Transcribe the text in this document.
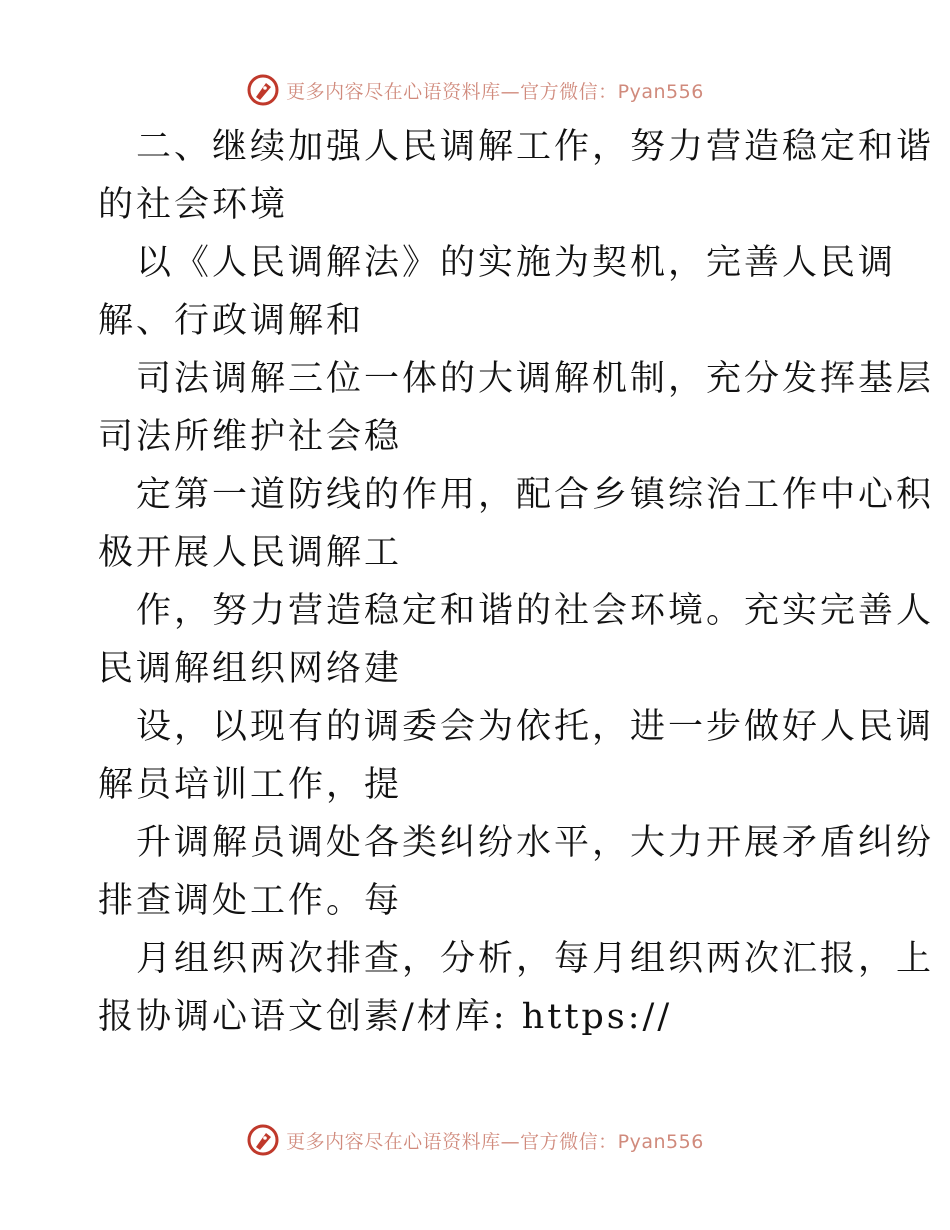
更多内容尽在心语资料库—官方微信：Pyan556
二、继续加强人民调解工作，努力营造稳定和谐
的社会环境
以《人民调解法》的实施为契机，完善人民调
解、行政调解和
司法调解三位一体的大调解机制，充分发挥基层
司法所维护社会稳
定第一道防线的作用，配合乡镇综治工作中心积
极开展人民调解工
作，努力营造稳定和谐的社会环境。充实完善人
民调解组织网络建
设，以现有的调委会为依托，进一步做好人民调
解员培训工作，提
升调解员调处各类纠纷水平，大力开展矛盾纠纷
排查调处工作。每
月组织两次排查，分析，每月组织两次汇报，上
报协调心语文创素/材库: https://
更多内容尽在心语资料库—官方微信：Pyan556
